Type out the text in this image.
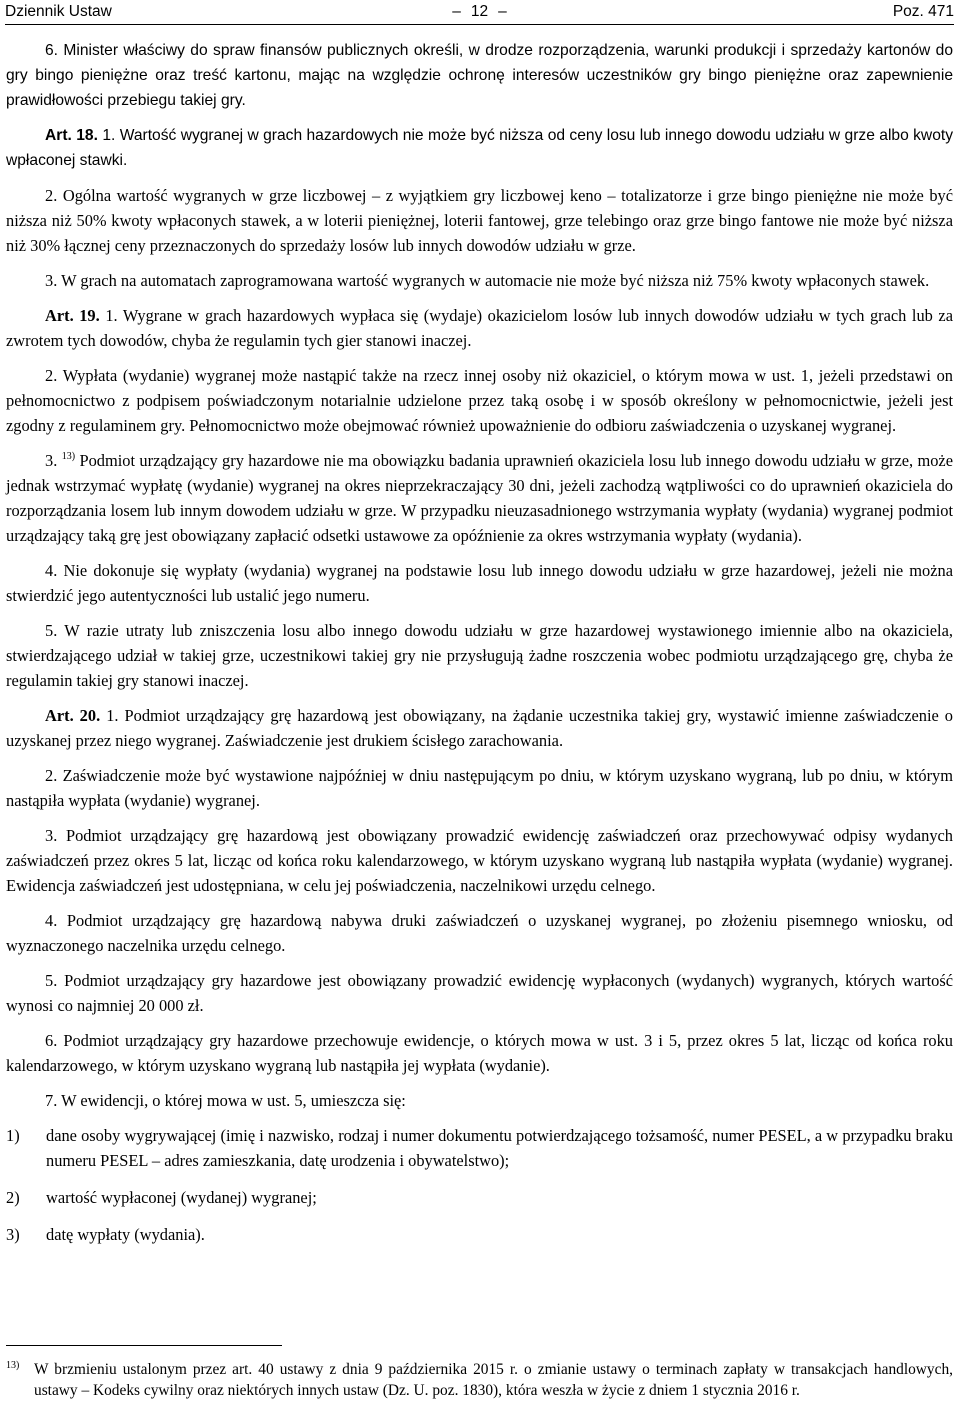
Dziennik Ustaw	– 12 –	Poz. 471

6. Minister właściwy do spraw finansów publicznych określi, w drodze rozporządzenia, warunki produkcji i sprzedaży kartonów do gry bingo pieniężne oraz treść kartonu, mając na względzie ochronę interesów uczestników gry bingo pieniężne oraz zapewnienie prawidłowości przebiegu takiej gry.

Art. 18. 1. Wartość wygranej w grach hazardowych nie może być niższa od ceny losu lub innego dowodu udziału w grze albo kwoty wpłaconej stawki.

2. Ogólna wartość wygranych w grze liczbowej – z wyjątkiem gry liczbowej keno – totalizatorze i grze bingo pieniężne nie może być niższa niż 50% kwoty wpłaconych stawek, a w loterii pieniężnej, loterii fantowej, grze telebingo oraz grze bingo fantowe nie może być niższa niż 30% łącznej ceny przeznaczonych do sprzedaży losów lub innych dowodów udziału w grze.

3. W grach na automatach zaprogramowana wartość wygranych w automacie nie może być niższa niż 75% kwoty wpłaconych stawek.

Art. 19. 1. Wygrane w grach hazardowych wypłaca się (wydaje) okazicielom losów lub innych dowodów udziału w tych grach lub za zwrotem tych dowodów, chyba że regulamin tych gier stanowi inaczej.

2. Wypłata (wydanie) wygranej może nastąpić także na rzecz innej osoby niż okaziciel, o którym mowa w ust. 1, jeżeli przedstawi on pełnomocnictwo z podpisem poświadczonym notarialnie udzielone przez taką osobę i w sposób określony w pełnomocnictwie, jeżeli jest zgodny z regulaminem gry. Pełnomocnictwo może obejmować również upoważnienie do odbioru zaświadczenia o uzyskanej wygranej.

3. $^{13)}$ Podmiot urządzający gry hazardowe nie ma obowiązku badania uprawnień okaziciela losu lub innego dowodu udziału w grze, może jednak wstrzymać wypłatę (wydanie) wygranej na okres nieprzekraczający 30 dni, jeżeli zachodzą wątpliwości co do uprawnień okaziciela do rozporządzania losem lub innym dowodem udziału w grze. W przypadku nieuzasadnionego wstrzymania wypłaty (wydania) wygranej podmiot urządzający taką grę jest obowiązany zapłacić odsetki ustawowe za opóźnienie za okres wstrzymania wypłaty (wydania).

4. Nie dokonuje się wypłaty (wydania) wygranej na podstawie losu lub innego dowodu udziału w grze hazardowej, jeżeli nie można stwierdzić jego autentyczności lub ustalić jego numeru.

5. W razie utraty lub zniszczenia losu albo innego dowodu udziału w grze hazardowej wystawionego imiennie albo na okaziciela, stwierdzającego udział w takiej grze, uczestnikowi takiej gry nie przysługują żadne roszczenia wobec podmiotu urządzającego grę, chyba że regulamin takiej gry stanowi inaczej.

Art. 20. 1. Podmiot urządzający grę hazardową jest obowiązany, na żądanie uczestnika takiej gry, wystawić imienne zaświadczenie o uzyskanej przez niego wygranej. Zaświadczenie jest drukiem ścisłego zarachowania.

2. Zaświadczenie może być wystawione najpóźniej w dniu następującym po dniu, w którym uzyskano wygraną, lub po dniu, w którym nastąpiła wypłata (wydanie) wygranej.

3. Podmiot urządzający grę hazardową jest obowiązany prowadzić ewidencję zaświadczeń oraz przechowywać odpisy wydanych zaświadczeń przez okres 5 lat, licząc od końca roku kalendarzowego, w którym uzyskano wygraną lub nastąpiła wypłata (wydanie) wygranej. Ewidencja zaświadczeń jest udostępniana, w celu jej poświadczenia, naczelnikowi urzędu celnego.

4. Podmiot urządzający grę hazardową nabywa druki zaświadczeń o uzyskanej wygranej, po złożeniu pisemnego wniosku, od wyznaczonego naczelnika urzędu celnego.

5. Podmiot urządzający gry hazardowe jest obowiązany prowadzić ewidencję wypłaconych (wydanych) wygranych, których wartość wynosi co najmniej 20 000 zł.

6. Podmiot urządzający gry hazardowe przechowuje ewidencje, o których mowa w ust. 3 i 5, przez okres 5 lat, licząc od końca roku kalendarzowego, w którym uzyskano wygraną lub nastąpiła jej wypłata (wydanie).

7. W ewidencji, o której mowa w ust. 5, umieszcza się:

1)	dane osoby wygrywającej (imię i nazwisko, rodzaj i numer dokumentu potwierdzającego tożsamość, numer PESEL, a w przypadku braku numeru PESEL – adres zamieszkania, datę urodzenia i obywatelstwo);
2)	wartość wypłaconej (wydanej) wygranej;
3)	datę wypłaty (wydania).
13) W brzmieniu ustalonym przez art. 40 ustawy z dnia 9 października 2015 r. o zmianie ustawy o terminach zapłaty w transakcjach handlowych, ustawy – Kodeks cywilny oraz niektórych innych ustaw (Dz. U. poz. 1830), która weszła w życie z dniem 1 stycznia 2016 r.
